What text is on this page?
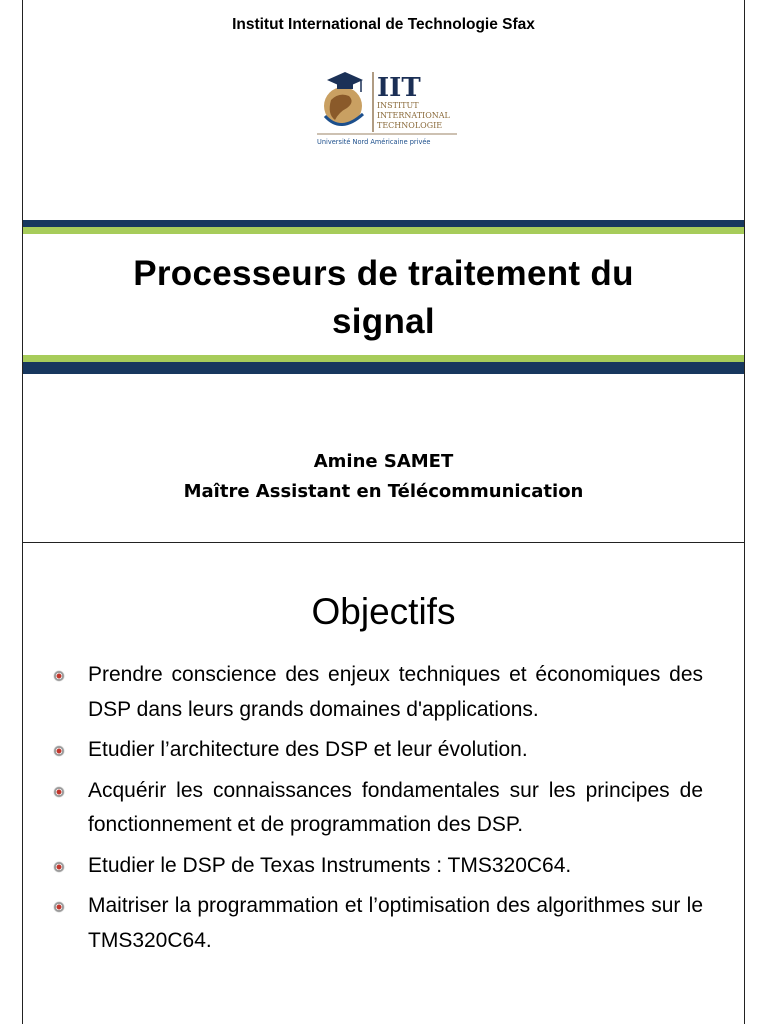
Institut International de Technologie Sfax
IIT
INSTITUT
INTERNATIONAL
TECHNOLOGIE
Université Nord Américaine privée
Processeurs de traitement du
signal
Amine SAMET
Maître Assistant en Télécommunication
Objectifs
Prendre conscience des enjeux techniques et économiques des DSP dans leurs grands domaines d'applications.
Etudier l’architecture des DSP et leur évolution.
Acquérir les connaissances fondamentales sur les principes de fonctionnement et de programmation des DSP.
Etudier le DSP de Texas Instruments : TMS320C64.
Maitriser la programmation et l’optimisation des algorithmes sur le TMS320C64.
